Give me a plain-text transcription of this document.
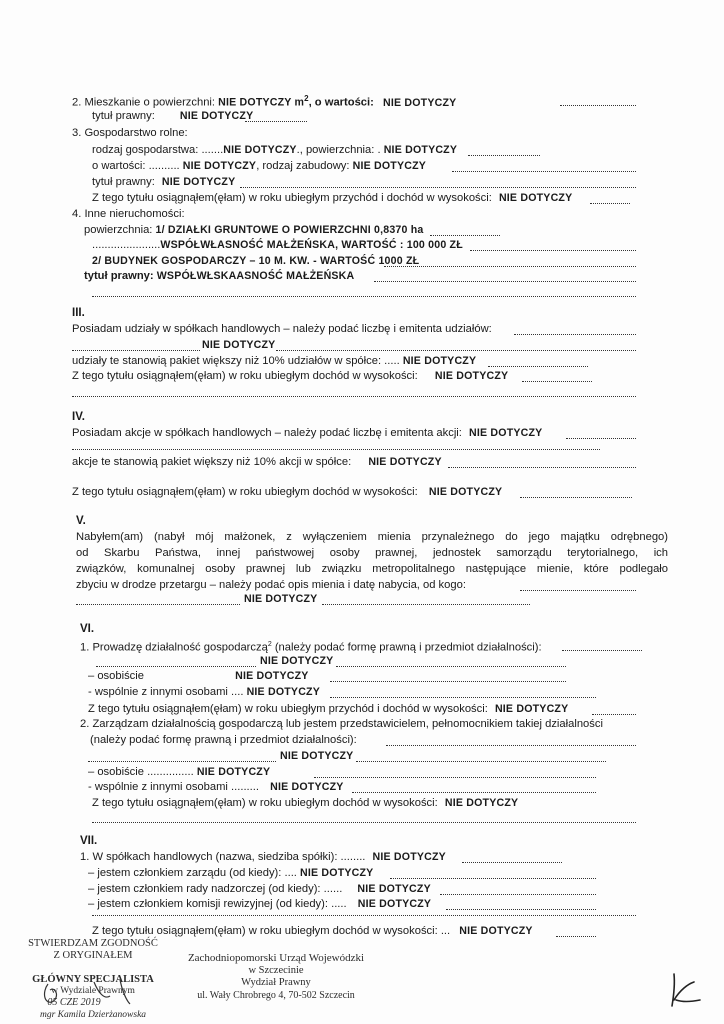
2. Mieszkanie o powierzchni: NIE DOTYCZY $m^2$, o wartości: NIE DOTYCZY
tytuł prawny: NIE DOTYCZY
3. Gospodarstwo rolne:
rodzaj gospodarstwa: .......NIE DOTYCZY., powierzchnia: . NIE DOTYCZY
o wartości: .......... NIE DOTYCZY, rodzaj zabudowy: NIE DOTYCZY
tytuł prawny: NIE DOTYCZY
Z tego tytułu osiągnąłem(ęłam) w roku ubiegłym przychód i dochód w wysokości: NIE DOTYCZY
4. Inne nieruchomości:
powierzchnia: 1/ DZIAŁKI GRUNTOWE O POWIERZCHNI 0,8370 ha
......................WSPÓŁWŁASNOŚĆ MAŁŻEŃSKA, WARTOŚĆ : 100 000 ZŁ
2/ BUDYNEK GOSPODARCZY – 10 M. KW. - WARTOŚĆ 1000 ZŁ
tytuł prawny: WSPÓŁWŁSKAASNOŚĆ MAŁŻEŃSKA
III.
Posiadam udziały w spółkach handlowych – należy podać liczbę i emitenta udziałów:
NIE DOTYCZY
udziały te stanowią pakiet większy niż 10% udziałów w spółce: ..... NIE DOTYCZY
Z tego tytułu osiągnąłem(ęłam) w roku ubiegłym dochód w wysokości: NIE DOTYCZY
IV.
Posiadam akcje w spółkach handlowych – należy podać liczbę i emitenta akcji: NIE DOTYCZY
akcje te stanowią pakiet większy niż 10% akcji w spółce: NIE DOTYCZY
Z tego tytułu osiągnąłem(ęłam) w roku ubiegłym dochód w wysokości: NIE DOTYCZY
V.
Nabyłem(am) (nabył mój małżonek, z wyłączeniem mienia przynależnego do jego majątku odrębnego)
od Skarbu Państwa, innej państwowej osoby prawnej, jednostek samorządu terytorialnego, ich
związków, komunalnej osoby prawnej lub związku metropolitalnego następujące mienie, które podlegało
zbyciu w drodze przetargu – należy podać opis mienia i datę nabycia, od kogo:
NIE DOTYCZY
VI.
1. Prowadzę działalność gospodarczą$^2$ (należy podać formę prawną i przedmiot działalności):
NIE DOTYCZY
– osobiście	NIE DOTYCZY
- wspólnie z innymi osobami .... NIE DOTYCZY
Z tego tytułu osiągnąłem(ęłam) w roku ubiegłym przychód i dochód w wysokości: NIE DOTYCZY
2. Zarządzam działalnością gospodarczą lub jestem przedstawicielem, pełnomocnikiem takiej działalności
(należy podać formę prawną i przedmiot działalności):
NIE DOTYCZY
– osobiście ............... NIE DOTYCZY
- wspólnie z innymi osobami ......... NIE DOTYCZY
Z tego tytułu osiągnąłem(ęłam) w roku ubiegłym dochód w wysokości: NIE DOTYCZY
VII.
1. W spółkach handlowych (nazwa, siedziba spółki): ........ NIE DOTYCZY
– jestem członkiem zarządu (od kiedy): .... NIE DOTYCZY
– jestem członkiem rady nadzorczej (od kiedy): ...... NIE DOTYCZY
– jestem członkiem komisji rewizyjnej (od kiedy): ..... NIE DOTYCZY
Z tego tytułu osiągnąłem(ęłam) w roku ubiegłym dochód w wysokości: ... NIE DOTYCZY
STWIERDZAM ZGODNOŚĆ
Z ORYGINAŁEM
GŁÓWNY SPECJALISTA
w Wydziale Prawnym
05 CZE 2019
mgr Kamila Dzierżanowska
Zachodniopomorski Urząd Wojewódzki
w Szczecinie
Wydział Prawny
ul. Wały Chrobrego 4, 70-502 Szczecin
